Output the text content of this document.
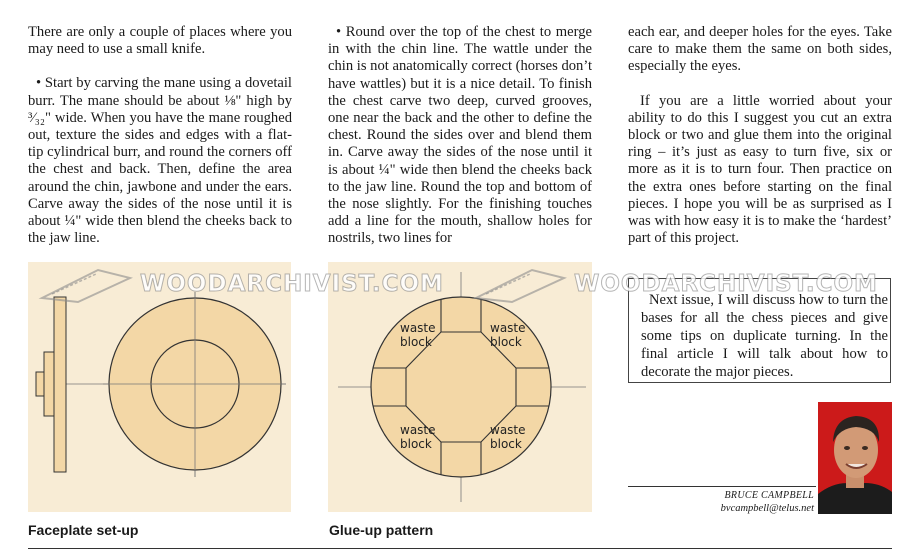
There are only a couple of places where you may need to use a small knife.

• Start by carving the mane using a dovetail burr. The mane should be about ⅛" high by ³⁄₃₂" wide. When you have the mane roughed out, texture the sides and edges with a flat-tip cylindrical burr, and round the corners off the chest and back. Then, define the area around the chin, jawbone and under the ears. Carve away the sides of the nose until it is about ¼" wide then blend the cheeks back to the jaw line.

• Round over the top of the chest to merge in with the chin line. The wattle under the chin is not anatomically correct (horses don’t have wattles) but it is a nice detail. To finish the chest carve two deep, curved grooves, one near the back and the other to define the chest. Round the sides over and blend them in. Carve away the sides of the nose until it is about ¼" wide then blend the cheeks back to the jaw line. Round the top and bottom of the nose slightly. For the finishing touches add a line for the mouth, shallow holes for nostrils, two lines for

each ear, and deeper holes for the eyes. Take care to make them the same on both sides, especially the eyes.

If you are a little worried about your ability to do this I suggest you cut an extra block or two and glue them into the original ring – it’s just as easy to turn five, six or more as it is to turn four. Then practice on the extra ones before starting on the final pieces. I hope you will be as surprised as I was with how easy it is to make the ‘hardest’ part of this project.

waste
block
waste
block
waste
block
waste
block
WOODARCHIVIST.COM	WOODARCHIVIST.COM
Faceplate set-up	Glue-up pattern

Next issue, I will discuss how to turn the bases for all the chess pieces and give some tips on duplicate turning. In the final article I will talk about how to decorate the major pieces.

BRUCE CAMPBELL
bvcampbell@telus.net
